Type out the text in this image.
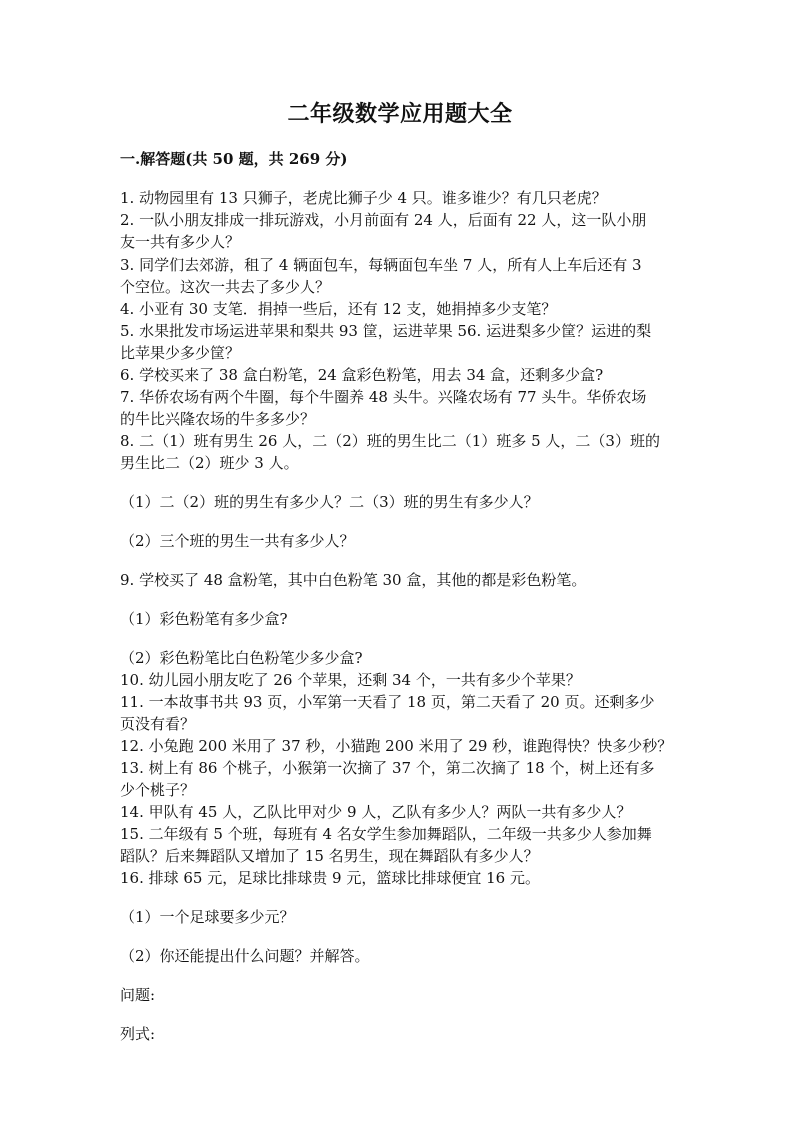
二年级数学应用题大全
一.解答题(共 50 题，共 269 分)
1. 动物园里有 13 只狮子，老虎比狮子少 4 只。谁多谁少？有几只老虎？
2. 一队小朋友排成一排玩游戏，小月前面有 24 人，后面有 22 人，这一队小朋
友一共有多少人？
3. 同学们去郊游，租了 4 辆面包车，每辆面包车坐 7 人，所有人上车后还有 3
个空位。这次一共去了多少人？
4. 小亚有 30 支笔．捐掉一些后，还有 12 支，她捐掉多少支笔？
5. 水果批发市场运进苹果和梨共 93 筐，运进苹果 56. 运进梨多少筐？运进的梨
比苹果少多少筐？
6. 学校买来了 38 盒白粉笔，24 盒彩色粉笔，用去 34 盒，还剩多少盒?
7. 华侨农场有两个牛圈，每个牛圈养 48 头牛。兴隆农场有 77 头牛。华侨农场
的牛比兴隆农场的牛多多少？
8. 二（1）班有男生 26 人，二（2）班的男生比二（1）班多 5 人，二（3）班的
男生比二（2）班少 3 人。
（1）二（2）班的男生有多少人？二（3）班的男生有多少人？
（2）三个班的男生一共有多少人？
9. 学校买了 48 盒粉笔，其中白色粉笔 30 盒，其他的都是彩色粉笔。
（1）彩色粉笔有多少盒?
（2）彩色粉笔比白色粉笔少多少盒?
10. 幼儿园小朋友吃了 26 个苹果，还剩 34 个，一共有多少个苹果？
11. 一本故事书共 93 页，小军第一天看了 18 页，第二天看了 20 页。还剩多少
页没有看？
12. 小兔跑 200 米用了 37 秒，小猫跑 200 米用了 29 秒，谁跑得快？快多少秒？
13. 树上有 86 个桃子，小猴第一次摘了 37 个，第二次摘了 18 个，树上还有多
少个桃子？
14. 甲队有 45 人，乙队比甲对少 9 人，乙队有多少人？两队一共有多少人？
15. 二年级有 5 个班，每班有 4 名女学生参加舞蹈队，二年级一共多少人参加舞
蹈队？后来舞蹈队又增加了 15 名男生，现在舞蹈队有多少人？
16. 排球 65 元，足球比排球贵 9 元，篮球比排球便宜 16 元。
（1）一个足球要多少元？
（2）你还能提出什么问题？并解答。
问题:
列式:
